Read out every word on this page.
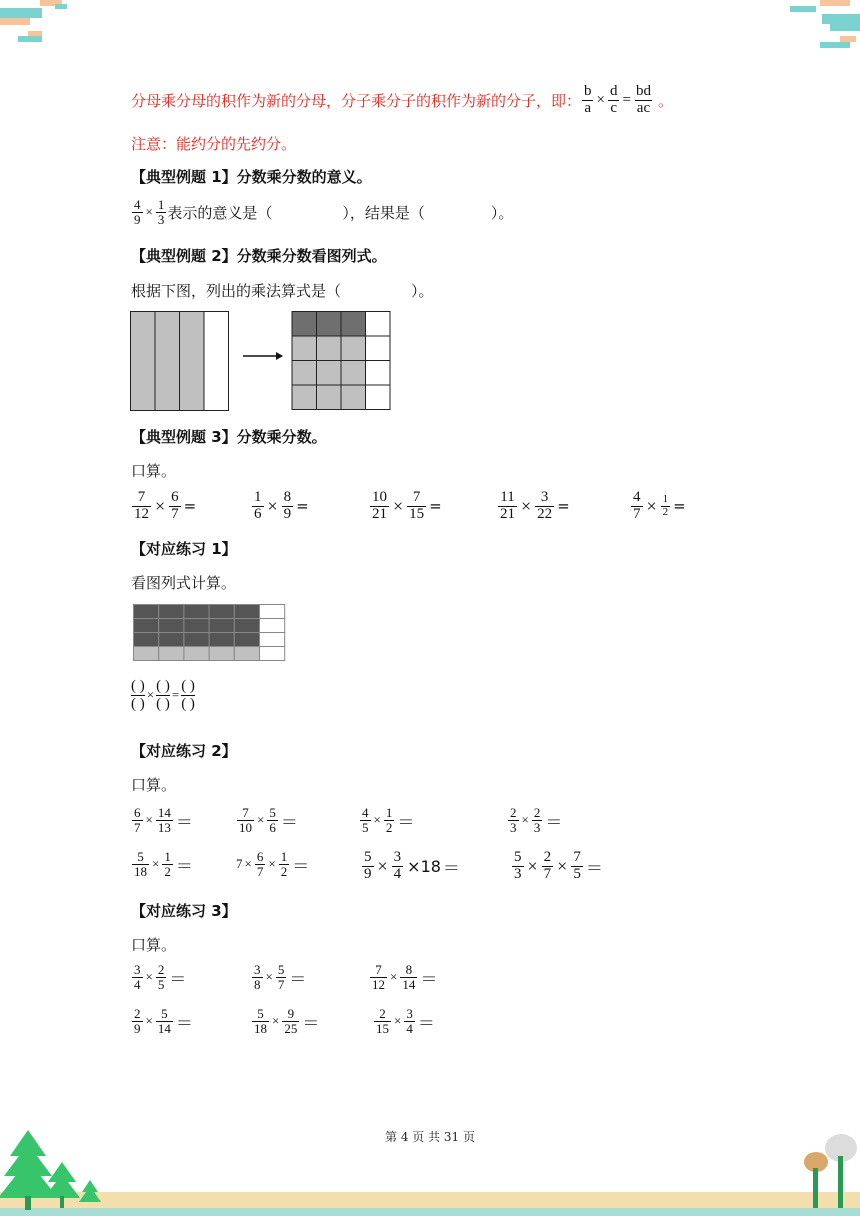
分母乘分母的积作为新的分母，分子乘分子的积作为新的分子，即： $\frac{b}{a} \times \frac{d}{c} = \frac{bd}{ac}$ 。
注意：能约分的先约分。
【典型例题 1】分数乘分数的意义。
$\frac{4}{9} \times \frac{1}{3}$ 表示的意义是（	），结果是（	）。
【典型例题 2】分数乘分数看图列式。
根据下图，列出的乘法算式是（	）。
【典型例题 3】分数乘分数。
口算。
$\frac{7}{12} \times \frac{6}{7}$ =	$\frac{1}{6} \times \frac{8}{9}$ =	$\frac{10}{21} \times \frac{7}{15}$ =	$\frac{11}{21} \times \frac{3}{22}$ =	$\frac{4}{7} \times \frac{1}{2}$ =
【对应练习 1】
看图列式计算。
( )
( )
×
( )
( )
=
( )
( )
【对应练习 2】
口算。
$\frac{6}{7} \times \frac{14}{13}$ ＝	$\frac{7}{10} \times \frac{5}{6}$ ＝	$\frac{4}{5} \times \frac{1}{2}$ ＝	$\frac{2}{3} \times \frac{2}{3}$ ＝
$\frac{5}{18} \times \frac{1}{2}$ ＝	$7 \times \frac{6}{7} \times \frac{1}{2}$ ＝	$\frac{5}{9} \times \frac{3}{4} \times 18$ ＝	$\frac{5}{3} \times \frac{2}{7} \times \frac{7}{5}$ ＝
【对应练习 3】
口算。
$\frac{3}{4} \times \frac{2}{5}$ ＝	$\frac{3}{8} \times \frac{5}{7}$ ＝	$\frac{7}{12} \times \frac{8}{14}$ ＝
$\frac{2}{9} \times \frac{5}{14}$ ＝	$\frac{5}{18} \times \frac{9}{25}$ ＝	$\frac{2}{15} \times \frac{3}{4}$ ＝
第 4 页 共 31 页
